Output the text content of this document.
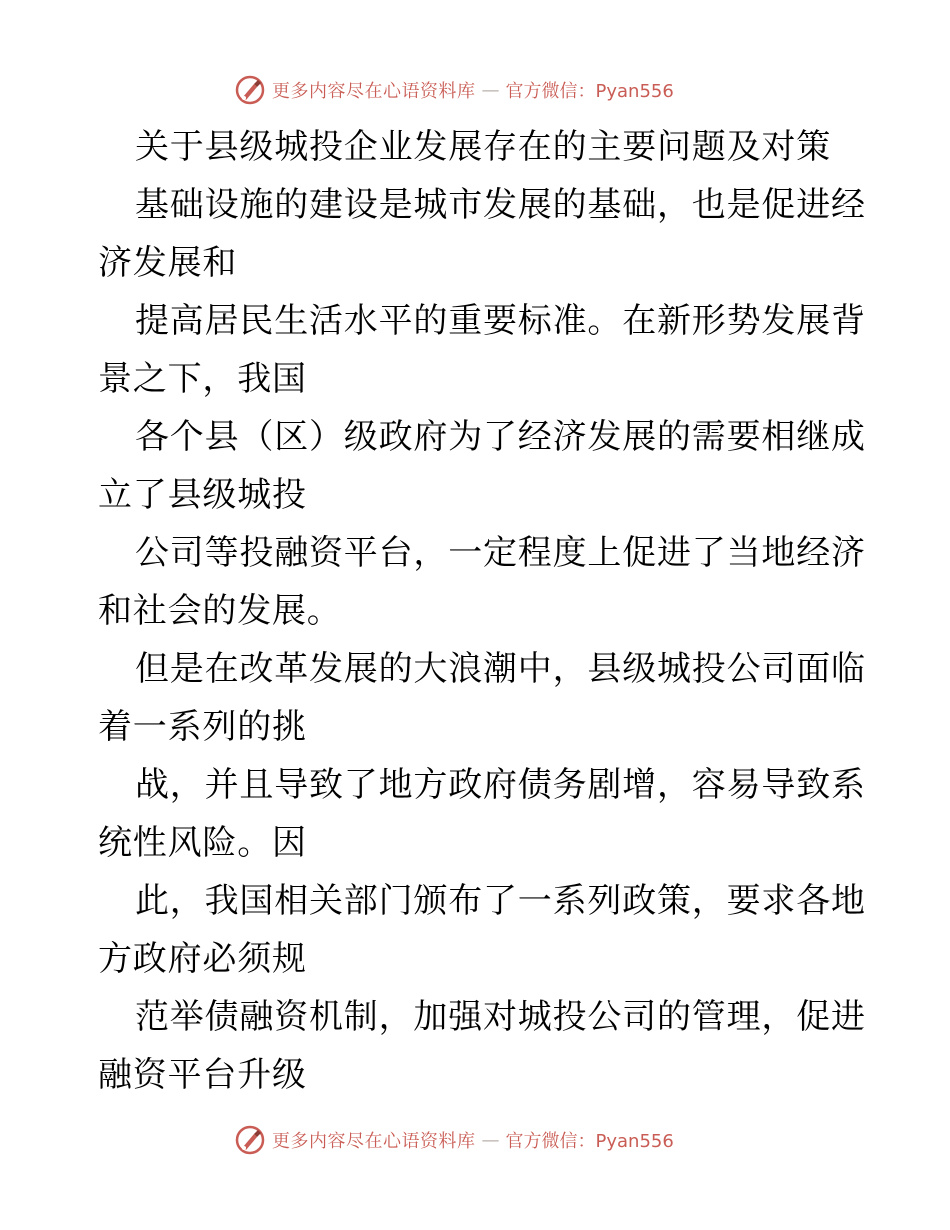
更多内容尽在心语资料库 — 官方微信：Pyan556
关于县级城投企业发展存在的主要问题及对策
基础设施的建设是城市发展的基础，也是促进经
济发展和
提高居民生活水平的重要标准。在新形势发展背
景之下，我国
各个县（区）级政府为了经济发展的需要相继成
立了县级城投
公司等投融资平台，一定程度上促进了当地经济
和社会的发展。
但是在改革发展的大浪潮中，县级城投公司面临
着一系列的挑
战，并且导致了地方政府债务剧增，容易导致系
统性风险。因
此，我国相关部门颁布了一系列政策，要求各地
方政府必须规
范举债融资机制，加强对城投公司的管理，促进
融资平台升级
更多内容尽在心语资料库 — 官方微信：Pyan556
